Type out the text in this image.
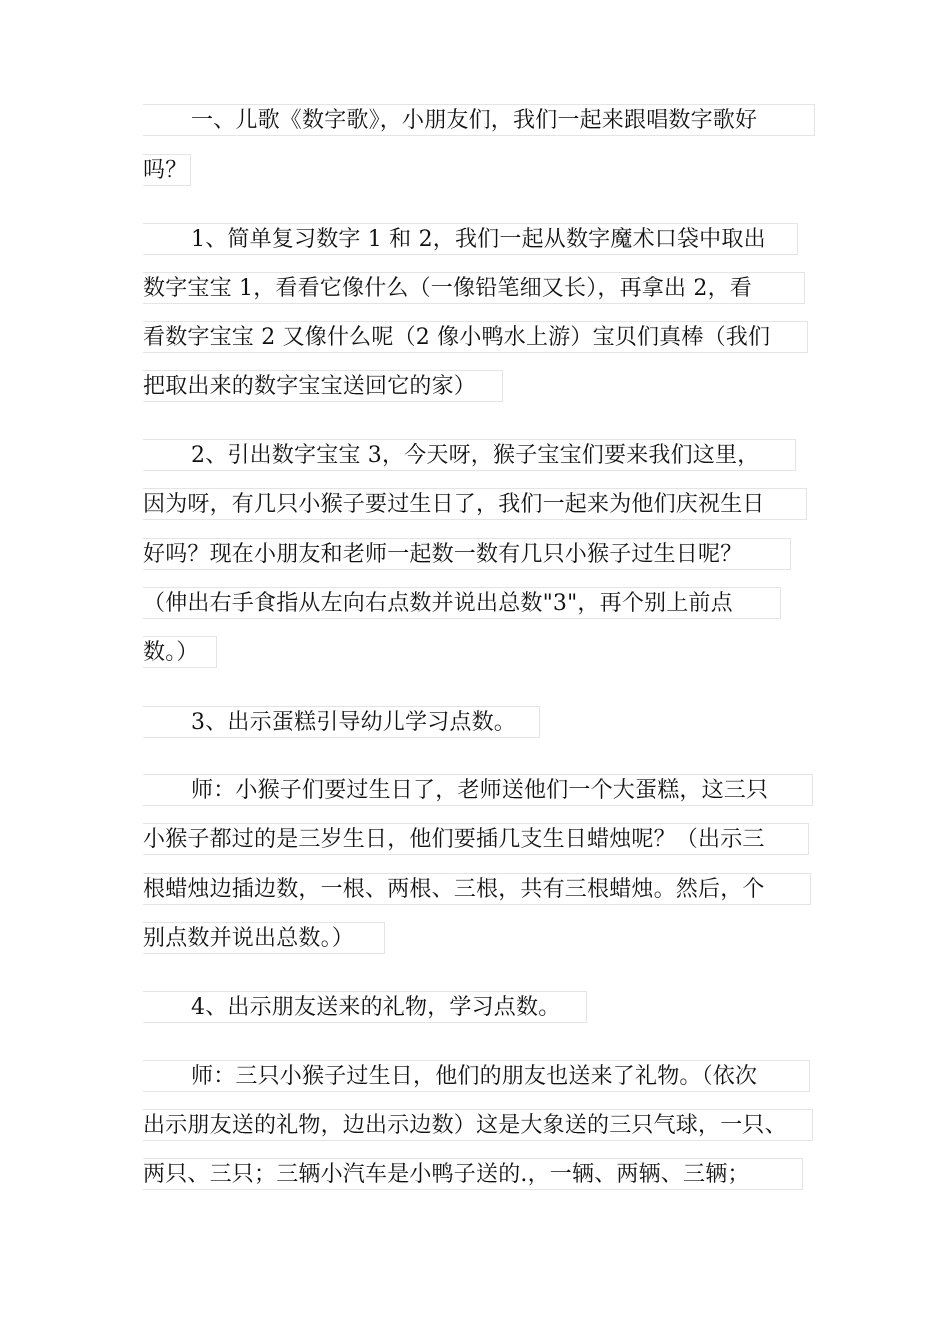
一、儿歌《数字歌》，小朋友们，我们一起来跟唱数字歌好
吗？
1、简单复习数字 1 和 2，我们一起从数字魔术口袋中取出
数字宝宝 1，看看它像什么（一像铅笔细又长），再拿出 2，看
看数字宝宝 2 又像什么呢（2 像小鸭水上游）宝贝们真棒（我们
把取出来的数字宝宝送回它的家）
2、引出数字宝宝 3，今天呀，猴子宝宝们要来我们这里，
因为呀，有几只小猴子要过生日了，我们一起来为他们庆祝生日
好吗？现在小朋友和老师一起数一数有几只小猴子过生日呢？
（伸出右手食指从左向右点数并说出总数"3"，再个别上前点
数。）
3、出示蛋糕引导幼儿学习点数。
师：小猴子们要过生日了，老师送他们一个大蛋糕，这三只
小猴子都过的是三岁生日，他们要插几支生日蜡烛呢？（出示三
根蜡烛边插边数，一根、两根、三根，共有三根蜡烛。然后，个
别点数并说出总数。）
4、出示朋友送来的礼物，学习点数。
师：三只小猴子过生日，他们的朋友也送来了礼物。（依次
出示朋友送的礼物，边出示边数）这是大象送的三只气球，一只、
两只、三只；三辆小汽车是小鸭子送的.，一辆、两辆、三辆；
